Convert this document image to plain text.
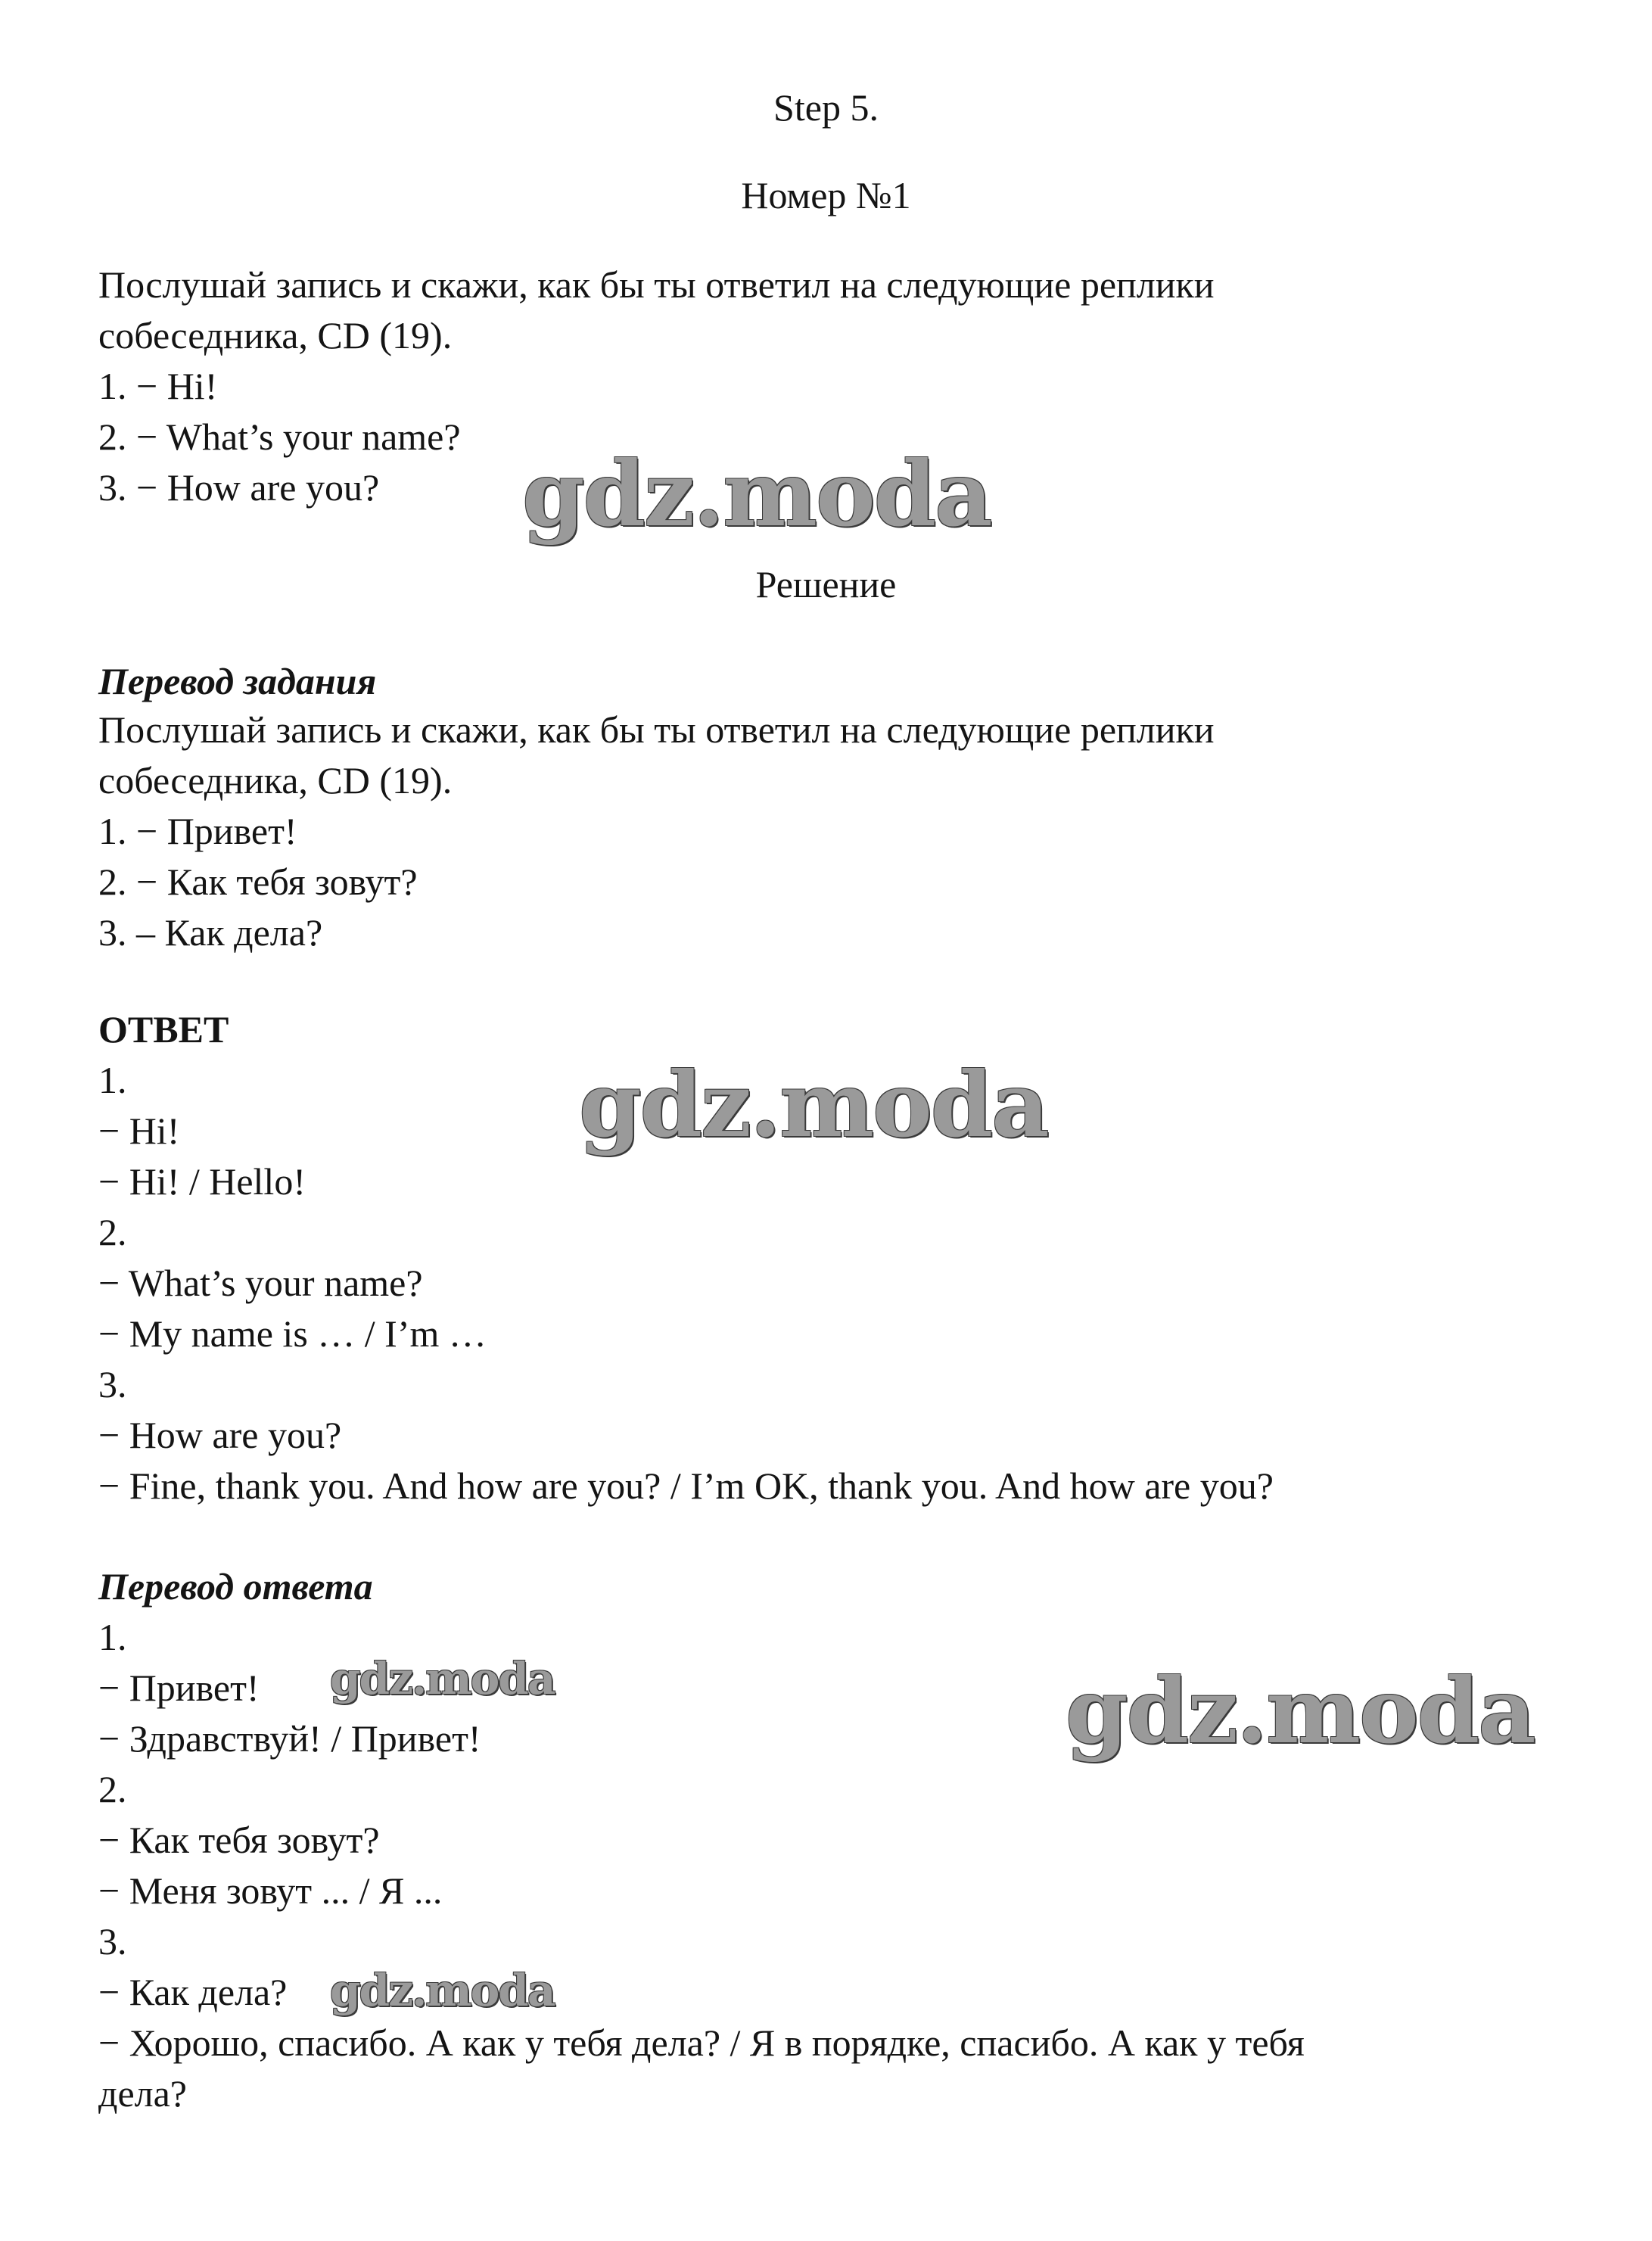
Step 5.
Номер №1
Послушай запись и скажи, как бы ты ответил на следующие реплики
собеседника, CD (19).
1. − Hi!
2. − What’s your name?
3. − How are you?
Решение
Перевод задания
Послушай запись и скажи, как бы ты ответил на следующие реплики
собеседника, CD (19).
1. − Привет!
2. − Как тебя зовут?
3. – Как дела?
ОТВЕТ
1.
− Hi!
− Hi! / Hello!
2.
− What’s your name?
− My name is … / I’m …
3.
− How are you?
− Fine, thank you. And how are you? / I’m OK, thank you. And how are you?
Перевод ответа
1.
− Привет!
− Здравствуй! / Привет!
2.
− Как тебя зовут?
− Меня зовут ... / Я ...
3.
− Как дела?
− Хорошо, спасибо. А как у тебя дела? / Я в порядке, спасибо. А как у тебя
дела?
gdz.moda
gdz.moda
gdz.moda
gdz.moda
gdz.moda
